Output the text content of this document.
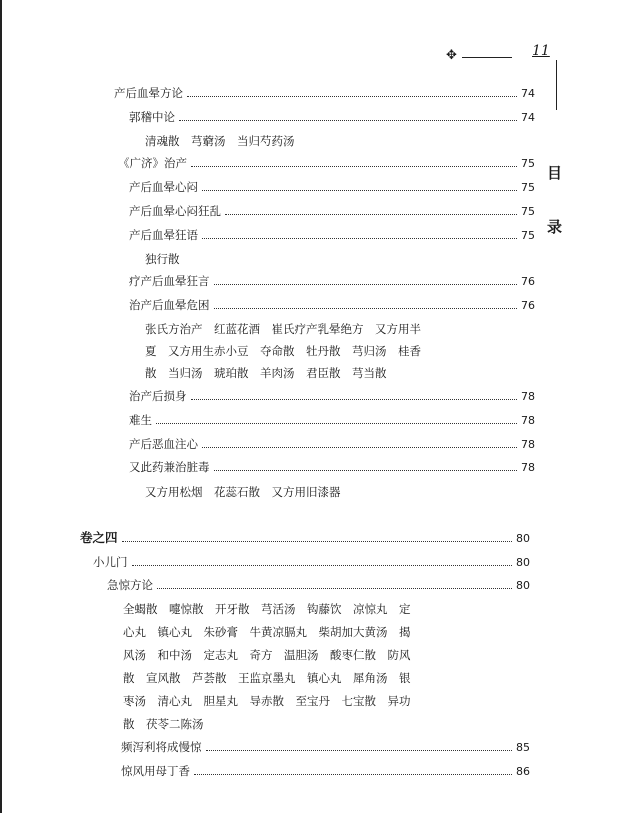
✥	11
目
录
产后血晕方论	74
郭稽中论	74
清魂散　芎藭汤　当归芍药汤
《广济》治产	75
产后血晕心闷	75
产后血晕心闷狂乱	75
产后血晕狂语	75
独行散
疗产后血晕狂言	76
治产后血晕危困	76
张氏方治产　红蓝花酒　崔氏疗产乳晕绝方　又方用半
夏　又方用生赤小豆　夺命散　牡丹散　芎归汤　桂香
散　当归汤　琥珀散　羊肉汤　君臣散　芎当散
治产后损身	78
难生	78
产后恶血注心	78
又此药兼治脏毒	78
又方用松烟　花蕊石散　又方用旧漆器
卷之四	80
小儿门	80
急惊方论	80
全蝎散　嚏惊散　开牙散　芎活汤　钩藤饮　凉惊丸　定
心丸　镇心丸　朱砂膏　牛黄凉膈丸　柴胡加大黄汤　揭
风汤　和中汤　定志丸　奇方　温胆汤　酸枣仁散　防风
散　宣风散　芦荟散　王监京墨丸　镇心丸　犀角汤　银
枣汤　清心丸　胆星丸　导赤散　至宝丹　七宝散　异功
散　茯苓二陈汤
频泻利将成慢惊	85
惊风用母丁香	86
